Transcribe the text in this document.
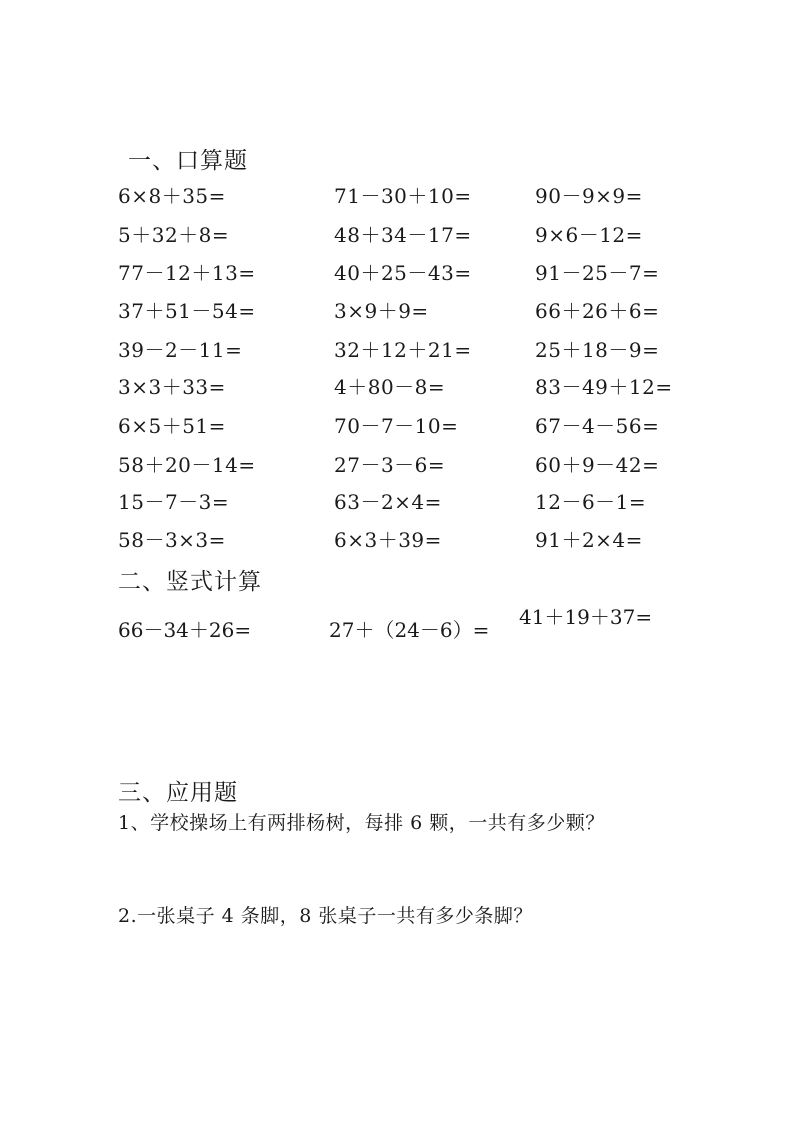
一、口算题
6×8＋35=
5＋32＋8=
77－12＋13=
37＋51－54=
39－2－11=
3×3＋33=
6×5＋51=
58＋20－14=
15－7－3=
58－3×3=
71－30＋10=
48＋34－17=
40＋25－43=
3×9＋9=
32＋12＋21=
4＋80－8=
70－7－10=
27－3－6=
63－2×4=
6×3＋39=
90－9×9=
9×6－12=
91－25－7=
66＋26＋6=
25＋18－9=
83－49＋12=
67－4－56=
60＋9－42=
12－6－1=
91＋2×4=
二、竖式计算
66－34＋26=	27＋（24－6）=
41＋19＋37=
三、应用题
1、学校操场上有两排杨树，每排 6 颗，一共有多少颗？
2.一张桌子 4 条脚，8 张桌子一共有多少条脚？
